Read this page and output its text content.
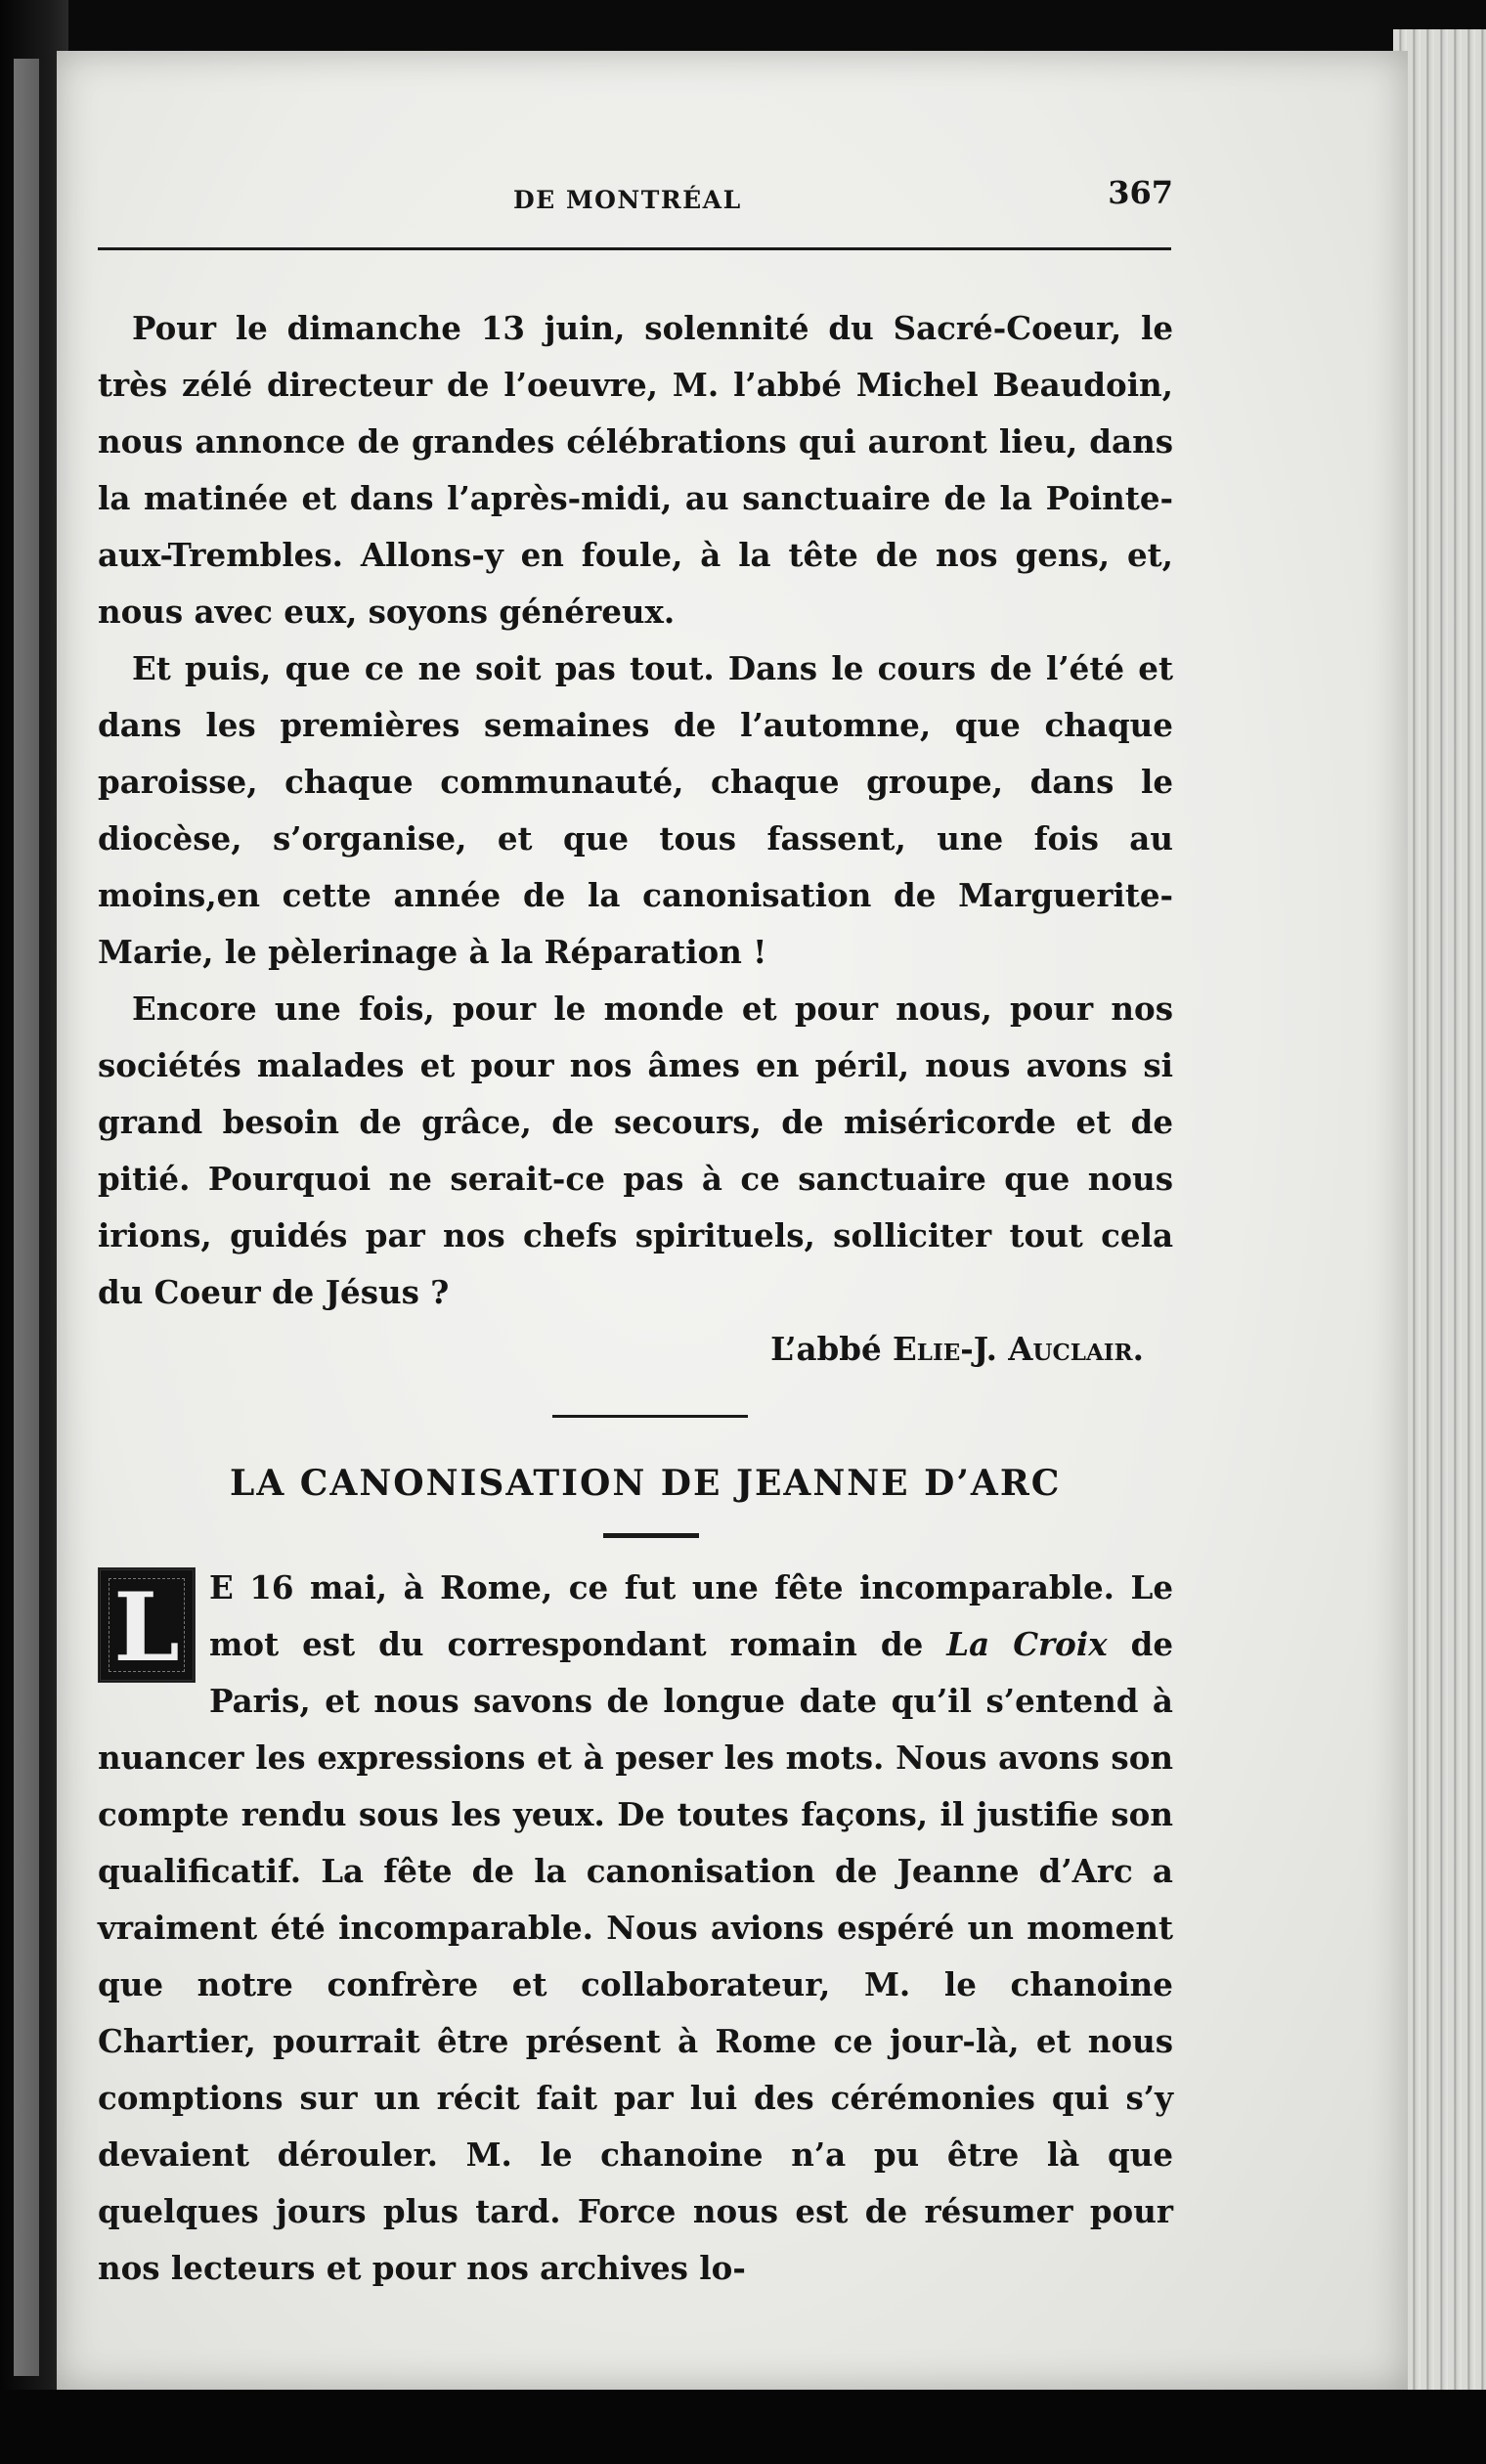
DE MONTRÉAL	367

Pour le dimanche 13 juin, solennité du Sacré-Coeur, le très zélé directeur de l’oeuvre, M. l’abbé Michel Beaudoin, nous annonce de grandes célébrations qui auront lieu, dans la matinée et dans l’après-midi, au sanctuaire de la Pointe-aux-Trembles. Allons-y en foule, à la tête de nos gens, et, nous avec eux, soyons généreux.

Et puis, que ce ne soit pas tout. Dans le cours de l’été et dans les premières semaines de l’automne, que chaque paroisse, chaque communauté, chaque groupe, dans le diocèse, s’organise, et que tous fassent, une fois au moins,en cette année de la canonisation de Marguerite-Marie, le pèlerinage à la Réparation !

Encore une fois, pour le monde et pour nous, pour nos sociétés malades et pour nos âmes en péril, nous avons si grand besoin de grâce, de secours, de miséricorde et de pitié. Pourquoi ne serait-ce pas à ce sanctuaire que nous irions, guidés par nos chefs spirituels, solliciter tout cela du Coeur de Jésus ?

L’abbé Elie-J. Auclair.

LA CANONISATION DE JEANNE D’ARC
L E 16 mai, à Rome, ce fut une fête incomparable. Le mot est du correspondant romain de La Croix de Paris, et nous savons de longue date qu’il s’entend à nuancer les expressions et à peser les mots. Nous avons son compte rendu sous les yeux. De toutes façons, il justifie son qualificatif. La fête de la canonisation de Jeanne d’Arc a vraiment été incomparable. Nous avions espéré un moment que notre confrère et collaborateur, M. le chanoine Chartier, pourrait être présent à Rome ce jour-là, et nous comptions sur un récit fait par lui des cérémonies qui s’y devaient dérouler. M. le chanoine n’a pu être là que quelques jours plus tard. Force nous est de résumer pour nos lecteurs et pour nos archives lo-
